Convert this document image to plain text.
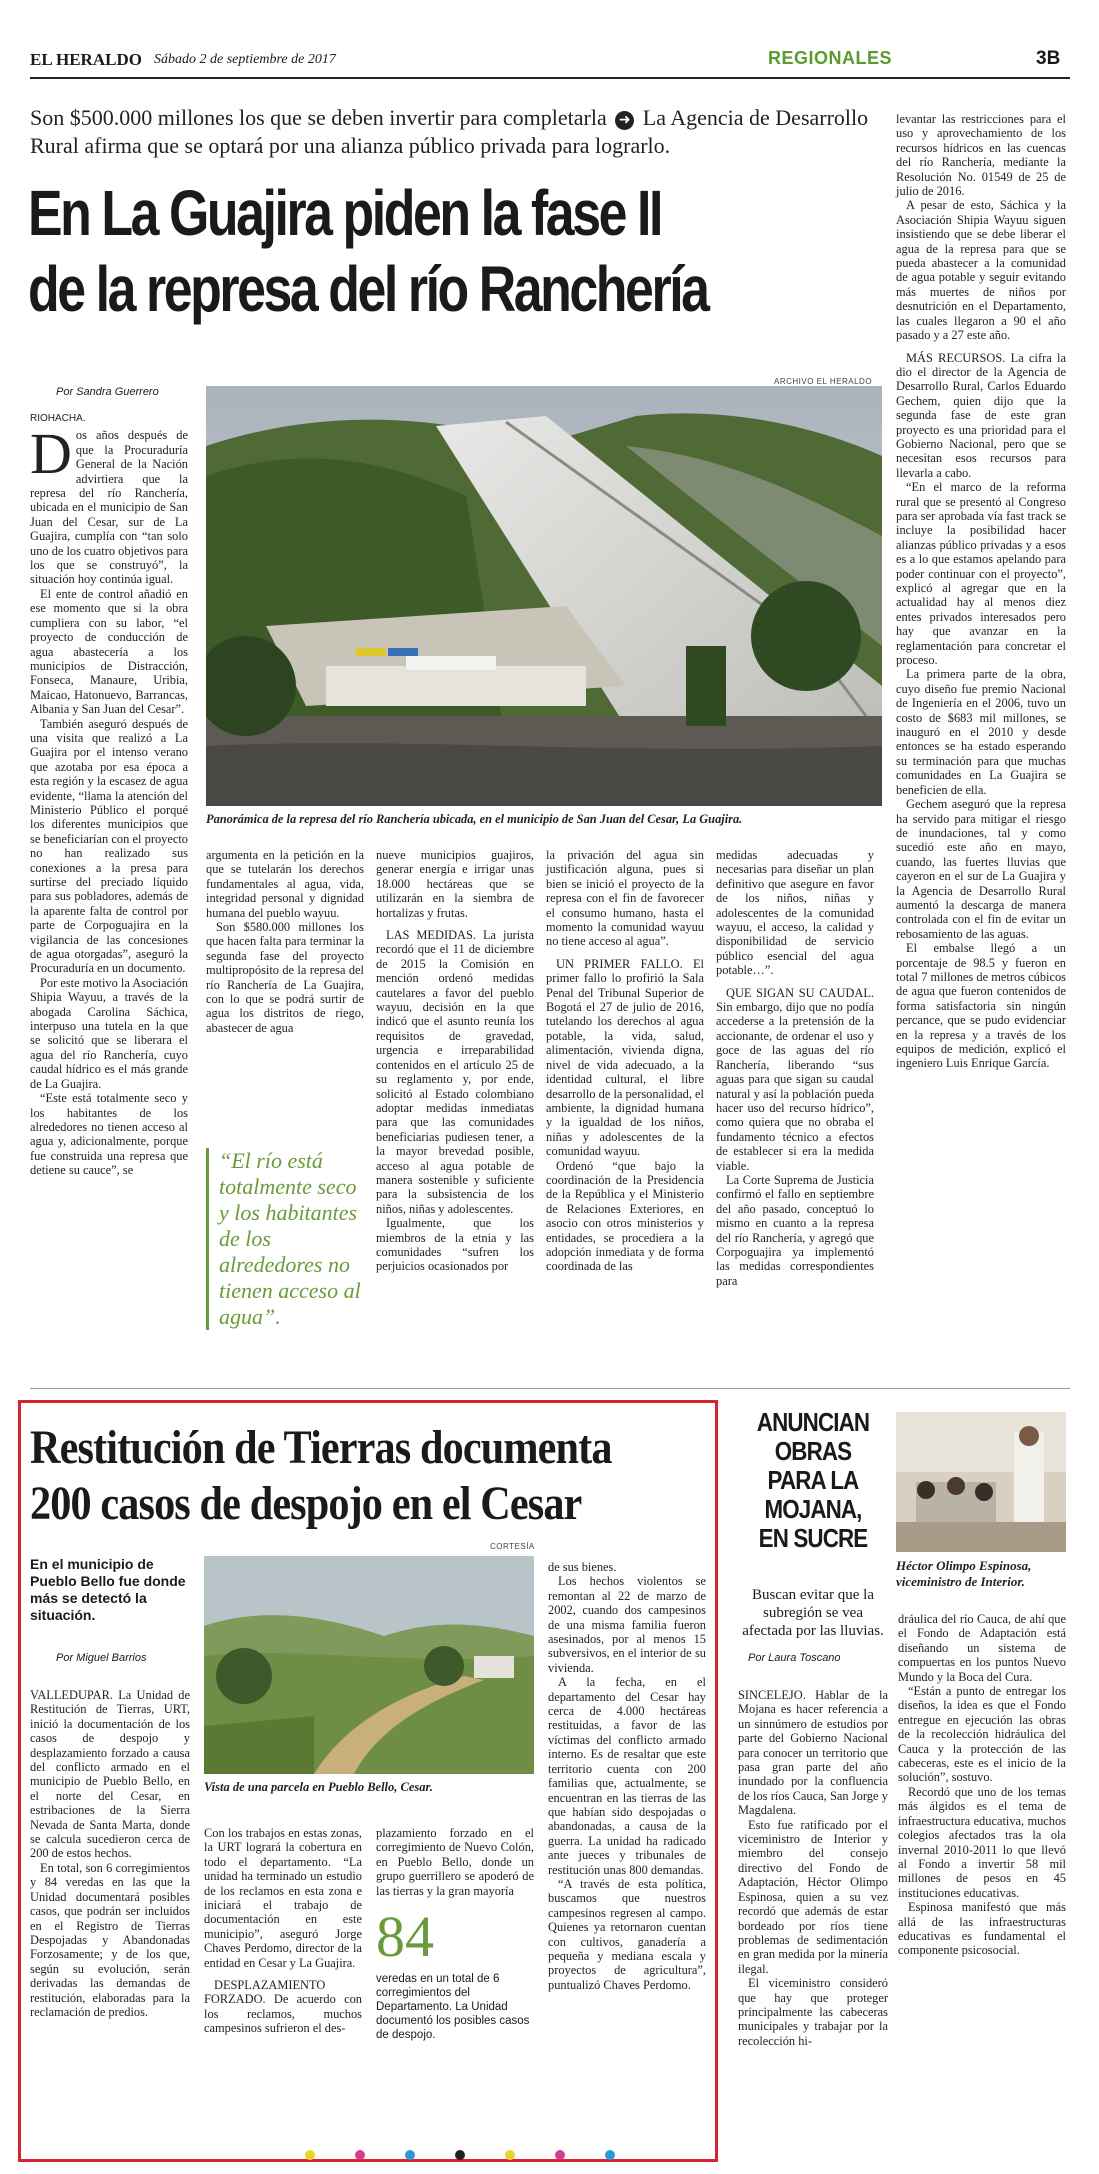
EL HERALDO Sábado 2 de septiembre de 2017	REGIONALES	3B
Son $500.000 millones los que se deben invertir para completarla ➜ La Agencia de Desarrollo Rural afirma que se optará por una alianza público privada para lograrlo.
En La Guajira piden la fase II
de la represa del río Ranchería
Por Sandra Guerrero
ARCHIVO EL HERALDO
Panorámica de la represa del río Ranchería ubicada, en el municipio de San Juan del Cesar, La Guajira.

RIOHACHA.
D os años después de que la Procuraduría General de la Nación advirtiera que la represa del río Ranchería, ubicada en el municipio de San Juan del Cesar, sur de La Guajira, cumplía con “tan solo uno de los cuatro objetivos para los que se construyó”, la situación hoy continúa igual.

El ente de control añadió en ese momento que si la obra cumpliera con su labor, “el proyecto de conducción de agua abastecería a los municipios de Distracción, Fonseca, Manaure, Uribia, Maicao, Hatonuevo, Barrancas, Albania y San Juan del Cesar”.

También aseguró después de una visita que realizó a La Guajira por el intenso verano que azotaba por esa época a esta región y la escasez de agua evidente, “llama la atención del Ministerio Público el porqué los diferentes municipios que se beneficiarían con el proyecto no han realizado sus conexiones a la presa para surtirse del preciado líquido para sus pobladores, además de la aparente falta de control por parte de Corpoguajira en la vigilancia de las concesiones de agua otorgadas”, aseguró la Procuraduría en un documento.

Por este motivo la Asociación Shipia Wayuu, a través de la abogada Carolina Sáchica, interpuso una tutela en la que se solicitó que se liberara el agua del río Ranchería, cuyo caudal hídrico es el más grande de La Guajira.

“Este está totalmente seco y los habitantes de los alrededores no tienen acceso al agua y, adicionalmente, porque fue construida una represa que detiene su cauce”, se

argumenta en la petición en la que se tutelarán los derechos fundamentales al agua, vida, integridad personal y dignidad humana del pueblo wayuu.

Son $580.000 millones los que hacen falta para terminar la segunda fase del proyecto multipropósito de la represa del río Ranchería de La Guajira, con lo que se podrá surtir de agua los distritos de riego, abastecer de agua

“El río está totalmente seco y los habitantes de los alrededores no tienen acceso al agua”.

nueve municipios guajiros, generar energía e irrigar unas 18.000 hectáreas que se utilizarán en la siembra de hortalizas y frutas.

LAS MEDIDAS. La jurista recordó que el 11 de diciembre de 2015 la Comisión en mención ordenó medidas cautelares a favor del pueblo wayuu, decisión en la que indicó que el asunto reunía los requisitos de gravedad, urgencia e irreparabilidad contenidos en el artículo 25 de su reglamento y, por ende, solicitó al Estado colombiano adoptar medidas inmediatas para que las comunidades beneficiarias pudiesen tener, a la mayor brevedad posible, acceso al agua potable de manera sostenible y suficiente para la subsistencia de los niños, niñas y adolescentes.

Igualmente, que los miembros de la etnia y las comunidades “sufren los perjuicios ocasionados por

la privación del agua sin justificación alguna, pues si bien se inició el proyecto de la represa con el fin de favorecer el consumo humano, hasta el momento la comunidad wayuu no tiene acceso al agua”.

UN PRIMER FALLO. El primer fallo lo profirió la Sala Penal del Tribunal Superior de Bogotá el 27 de julio de 2016, tutelando los derechos al agua potable, la vida, salud, alimentación, vivienda digna, nivel de vida adecuado, a la identidad cultural, el libre desarrollo de la personalidad, el ambiente, la dignidad humana y la igualdad de los niños, niñas y adolescentes de la comunidad wayuu.

Ordenó “que bajo la coordinación de la Presidencia de la República y el Ministerio de Relaciones Exteriores, en asocio con otros ministerios y entidades, se procediera a la adopción inmediata y de forma coordinada de las

medidas adecuadas y necesarias para diseñar un plan definitivo que asegure en favor de los niños, niñas y adolescentes de la comunidad wayuu, el acceso, la calidad y disponibilidad de servicio público esencial del agua potable…”.

QUE SIGAN SU CAUDAL. Sin embargo, dijo que no podía accederse a la pretensión de la accionante, de ordenar el uso y goce de las aguas del río Ranchería, liberando “sus aguas para que sigan su caudal natural y así la población pueda hacer uso del recurso hídrico”, como quiera que no obraba el fundamento técnico a efectos de establecer si era la medida viable.

La Corte Suprema de Justicia confirmó el fallo en septiembre del año pasado, conceptuó lo mismo en cuanto a la represa del río Ranchería, y agregó que Corpoguajira ya implementó las medidas correspondientes para

levantar las restricciones para el uso y aprovechamiento de los recursos hídricos en las cuencas del río Ranchería, mediante la Resolución No. 01549 de 25 de julio de 2016.

A pesar de esto, Sáchica y la Asociación Shipia Wayuu siguen insistiendo que se debe liberar el agua de la represa para que se pueda abastecer a la comunidad de agua potable y seguir evitando más muertes de niños por desnutrición en el Departamento, las cuales llegaron a 90 el año pasado y a 27 este año.

MÁS RECURSOS. La cifra la dio el director de la Agencia de Desarrollo Rural, Carlos Eduardo Gechem, quien dijo que la segunda fase de este gran proyecto es una prioridad para el Gobierno Nacional, pero que se necesitan esos recursos para llevarla a cabo.

“En el marco de la reforma rural que se presentó al Congreso para ser aprobada vía fast track se incluye la posibilidad hacer alianzas público privadas y a esos es a lo que estamos apelando para poder continuar con el proyecto”, explicó al agregar que en la actualidad hay al menos diez entes privados interesados pero hay que avanzar en la reglamentación para concretar el proceso.

La primera parte de la obra, cuyo diseño fue premio Nacional de Ingeniería en el 2006, tuvo un costo de $683 mil millones, se inauguró en el 2010 y desde entonces se ha estado esperando su terminación para que muchas comunidades en La Guajira se beneficien de ella.

Gechem aseguró que la represa ha servido para mitigar el riesgo de inundaciones, tal y como sucedió este año en mayo, cuando, las fuertes lluvias que cayeron en el sur de La Guajira y la Agencia de Desarrollo Rural aumentó la descarga de manera controlada con el fin de evitar un rebosamiento de las aguas.

El embalse llegó a un porcentaje de 98.5 y fueron en total 7 millones de metros cúbicos de agua que fueron contenidos de forma satisfactoria sin ningún percance, que se pudo evidenciar en la represa y a través de los equipos de medición, explicó el ingeniero Luis Enrique García.

Restitución de Tierras documenta
200 casos de despojo en el Cesar
En el municipio de Pueblo Bello fue donde más se detectó la situación.
Por Miguel Barrios
CORTESÍA
Vista de una parcela en Pueblo Bello, Cesar.

VALLEDUPAR. La Unidad de Restitución de Tierras, URT, inició la documentación de los casos de despojo y desplazamiento forzado a causa del conflicto armado en el municipio de Pueblo Bello, en el norte del Cesar, en estribaciones de la Sierra Nevada de Santa Marta, donde se calcula sucedieron cerca de 200 de estos hechos.

En total, son 6 corregimientos y 84 veredas en las que la Unidad documentará posibles casos, que podrán ser incluidos en el Registro de Tierras Despojadas y Abandonadas Forzosamente; y de los que, según su evolución, serán derivadas las demandas de restitución, elaboradas para la reclamación de predios.

Con los trabajos en estas zonas, la URT logrará la cobertura en todo el departamento. “La unidad ha terminado un estudio de los reclamos en esta zona e iniciará el trabajo de documentación en este municipio”, aseguró Jorge Chaves Perdomo, director de la entidad en Cesar y La Guajira.

DESPLAZAMIENTO FORZADO. De acuerdo con los reclamos, muchos campesinos sufrieron el des-

plazamiento forzado en el corregimiento de Nuevo Colón, en Pueblo Bello, donde un grupo guerrillero se apoderó de las tierras y la gran mayoría

84
veredas en un total de 6 corregimientos del Departamento. La Unidad documentó los posibles casos de despojo.

de sus bienes.

Los hechos violentos se remontan al 22 de marzo de 2002, cuando dos campesinos de una misma familia fueron asesinados, por al menos 15 subversivos, en el interior de su vivienda.

A la fecha, en el departamento del Cesar hay cerca de 4.000 hectáreas restituidas, a favor de las víctimas del conflicto armado interno. Es de resaltar que este territorio cuenta con 200 familias que, actualmente, se encuentran en las tierras de las que habían sido despojadas o abandonadas, a causa de la guerra. La unidad ha radicado ante jueces y tribunales de restitución unas 800 demandas.

“A través de esta política, buscamos que nuestros campesinos regresen al campo. Quienes ya retornaron cuentan con cultivos, ganadería a pequeña y mediana escala y proyectos de agricultura”, puntualizó Chaves Perdomo.

ANUNCIAN OBRAS PARA LA MOJANA, EN SUCRE
Buscan evitar que la subregión se vea afectada por las lluvias.
Por Laura Toscano
Héctor Olimpo Espinosa,
viceministro de Interior.

SINCELEJO. Hablar de la Mojana es hacer referencia a un sinnúmero de estudios por parte del Gobierno Nacional para conocer un territorio que pasa gran parte del año inundado por la confluencia de los ríos Cauca, San Jorge y Magdalena.

Esto fue ratificado por el viceministro de Interior y miembro del consejo directivo del Fondo de Adaptación, Héctor Olimpo Espinosa, quien a su vez recordó que además de estar bordeado por ríos tiene problemas de sedimentación en gran medida por la minería ilegal.

El viceministro consideró que hay que proteger principalmente las cabeceras municipales y trabajar por la recolección hi-

dráulica del río Cauca, de ahí que el Fondo de Adaptación está diseñando un sistema de compuertas en los puntos Nuevo Mundo y la Boca del Cura.

“Están a punto de entregar los diseños, la idea es que el Fondo entregue en ejecución las obras de la recolección hidráulica del Cauca y la protección de las cabeceras, este es el inicio de la solución”, sostuvo.

Recordó que uno de los temas más álgidos es el tema de infraestructura educativa, muchos colegios afectados tras la ola invernal 2010-2011 lo que llevó al Fondo a invertir 58 mil millones de pesos en 45 instituciones educativas.

Espinosa manifestó que más allá de las infraestructuras educativas es fundamental el componente psicosocial.
